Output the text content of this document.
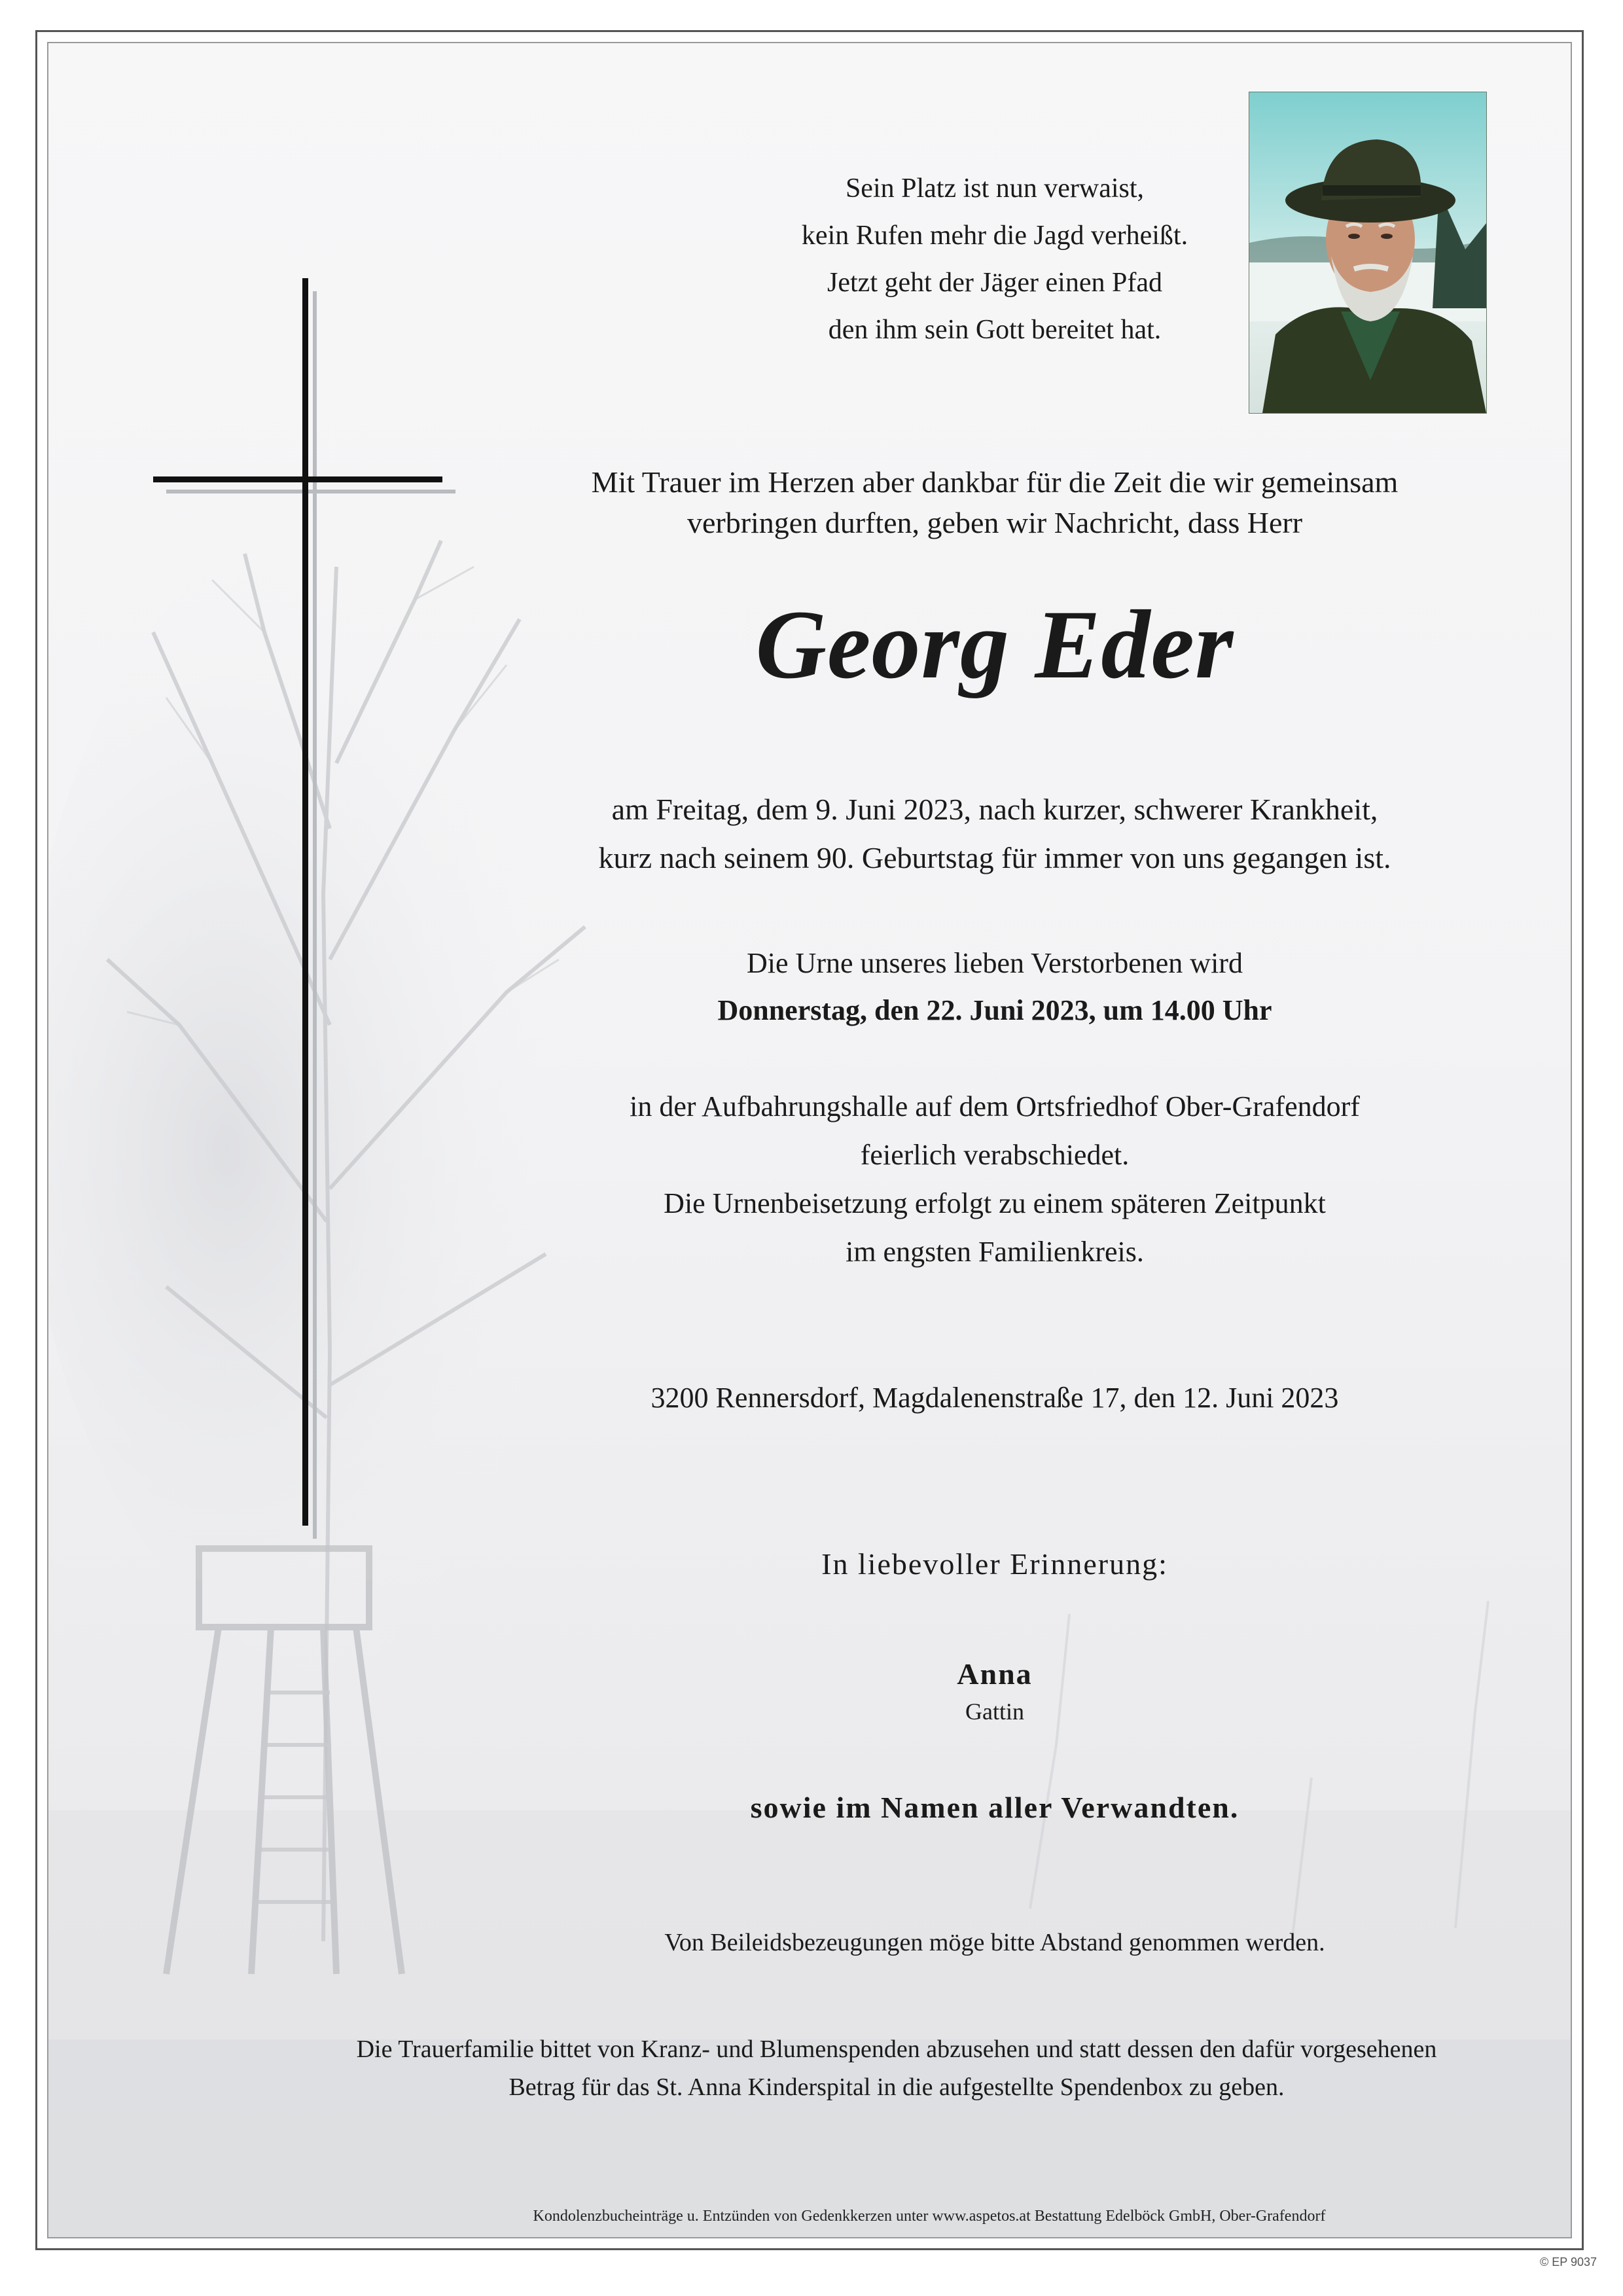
Sein Platz ist nun verwaist,
kein Rufen mehr die Jagd verheißt.
Jetzt geht der Jäger einen Pfad
den ihm sein Gott bereitet hat.
Mit Trauer im Herzen aber dankbar für die Zeit die wir gemeinsam
verbringen durften, geben wir Nachricht, dass Herr
Georg Eder
am Freitag, dem 9. Juni 2023, nach kurzer, schwerer Krankheit,
kurz nach seinem 90. Geburtstag für immer von uns gegangen ist.
Die Urne unseres lieben Verstorbenen wird
Donnerstag, den 22. Juni 2023, um 14.00 Uhr
in der Aufbahrungshalle auf dem Ortsfriedhof Ober-Grafendorf
feierlich verabschiedet.
Die Urnenbeisetzung erfolgt zu einem späteren Zeitpunkt
im engsten Familienkreis.
3200 Rennersdorf, Magdalenenstraße 17, den 12. Juni 2023
In liebevoller Erinnerung:
Anna
Gattin
sowie im Namen aller Verwandten.
Von Beileidsbezeugungen möge bitte Abstand genommen werden.
Die Trauerfamilie bittet von Kranz- und Blumenspenden abzusehen und statt dessen den dafür vorgesehenen
Betrag für das St. Anna Kinderspital in die aufgestellte Spendenbox zu geben.
Kondolenzbucheinträge u. Entzünden von Gedenkkerzen unter www.aspetos.at Bestattung Edelböck GmbH, Ober-Grafendorf
© EP 9037
